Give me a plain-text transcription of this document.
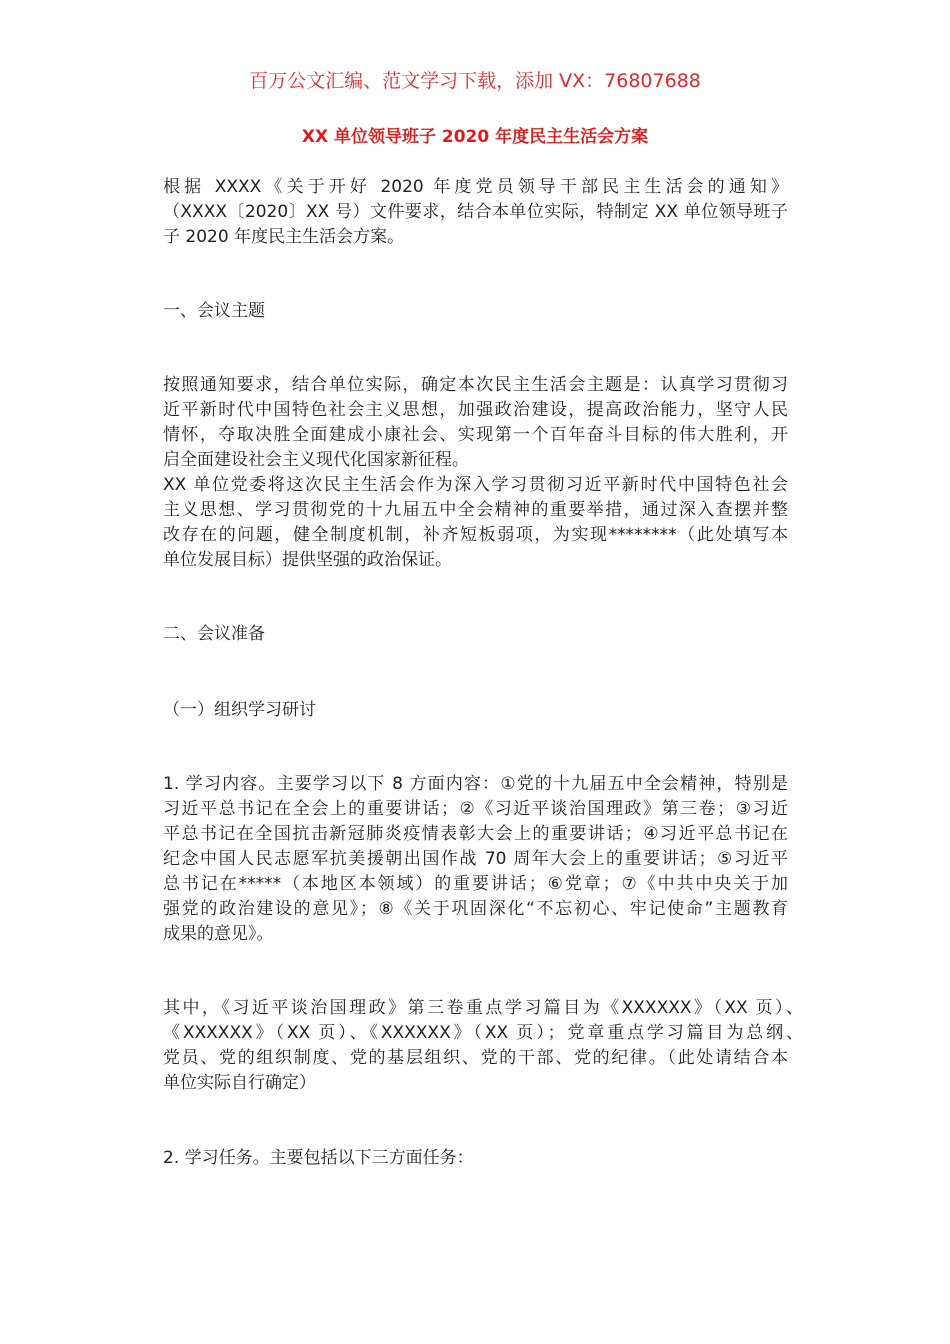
百万公文汇编、范文学习下载，添加 VX：76807688
XX 单位领导班子 2020 年度民主生活会方案
根据 XXXX《关于开好 2020 年度党员领导干部民主生活会的通知》
（XXXX〔2020〕XX 号）文件要求，结合本单位实际，特制定 XX 单位领导班子
子 2020 年度民主生活会方案。
一、会议主题
按照通知要求，结合单位实际，确定本次民主生活会主题是：认真学习贯彻习
近平新时代中国特色社会主义思想，加强政治建设，提高政治能力，坚守人民
情怀，夺取决胜全面建成小康社会、实现第一个百年奋斗目标的伟大胜利，开
启全面建设社会主义现代化国家新征程。
XX 单位党委将这次民主生活会作为深入学习贯彻习近平新时代中国特色社会
主义思想、学习贯彻党的十九届五中全会精神的重要举措，通过深入查摆并整
改存在的问题，健全制度机制，补齐短板弱项，为实现********（此处填写本
单位发展目标）提供坚强的政治保证。
二、会议准备
（一）组织学习研讨
1. 学习内容。主要学习以下 8 方面内容：①党的十九届五中全会精神，特别是
习近平总书记在全会上的重要讲话；②《习近平谈治国理政》第三卷；③习近
平总书记在全国抗击新冠肺炎疫情表彰大会上的重要讲话；④习近平总书记在
纪念中国人民志愿军抗美援朝出国作战 70 周年大会上的重要讲话；⑤习近平
总书记在*****（本地区本领域）的重要讲话；⑥党章；⑦《中共中央关于加
强党的政治建设的意见》；⑧《关于巩固深化“不忘初心、牢记使命”主题教育
成果的意见》。
其中，《习近平谈治国理政》第三卷重点学习篇目为《XXXXXX》（XX 页）、
《XXXXXX》（XX 页）、《XXXXXX》（XX 页）；党章重点学习篇目为总纲、
党员、党的组织制度、党的基层组织、党的干部、党的纪律。（此处请结合本
单位实际自行确定）
2. 学习任务。主要包括以下三方面任务：
